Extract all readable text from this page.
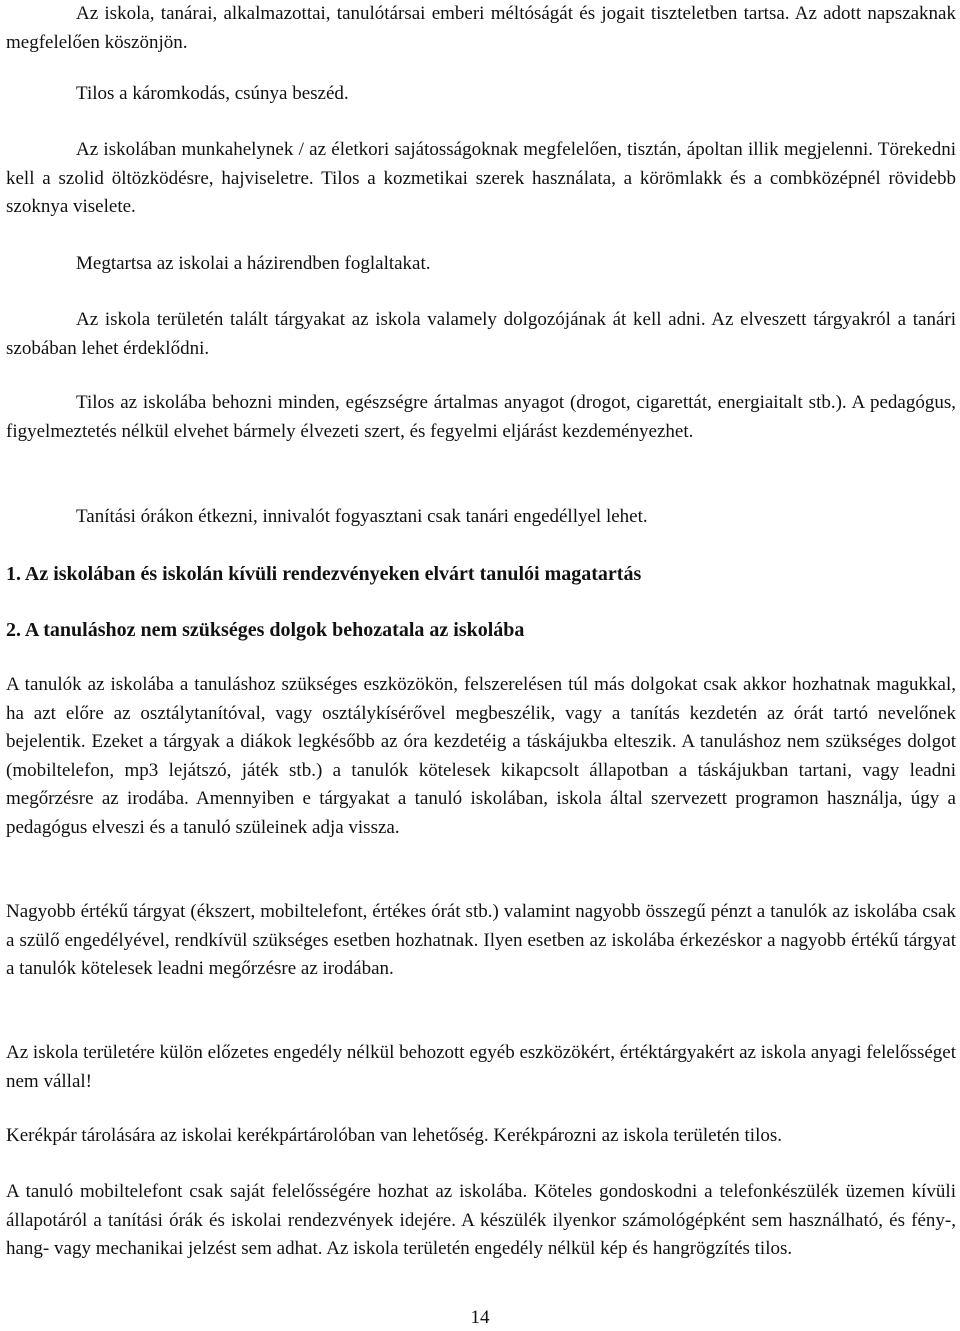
Az iskola, tanárai, alkalmazottai, tanulótársai emberi méltóságát és jogait tiszteletben tartsa. Az adott napszaknak megfelelően köszönjön.

Tilos a káromkodás, csúnya beszéd.

Az iskolában munkahelynek / az életkori sajátosságoknak megfelelően, tisztán, ápoltan illik megjelenni. Törekedni kell a szolid öltözködésre, hajviseletre. Tilos a kozmetikai szerek használata, a körömlakk és a combközépnél rövidebb szoknya viselete.

Megtartsa az iskolai a házirendben foglaltakat.

Az iskola területén talált tárgyakat az iskola valamely dolgozójának át kell adni. Az elveszett tárgyakról a tanári szobában lehet érdeklődni.

Tilos az iskolába behozni minden, egészségre ártalmas anyagot (drogot, cigarettát, energiaitalt stb.). A pedagógus, figyelmeztetés nélkül elvehet bármely élvezeti szert, és fegyelmi eljárást kezdeményezhet.

Tanítási órákon étkezni, innivalót fogyasztani csak tanári engedéllyel lehet.

1. Az iskolában és iskolán kívüli rendezvényeken elvárt tanulói magatartás
2. A tanuláshoz nem szükséges dolgok behozatala az iskolába

A tanulók az iskolába a tanuláshoz szükséges eszközökön, felszerelésen túl más dolgokat csak akkor hozhatnak magukkal, ha azt előre az osztálytanítóval, vagy osztálykísérővel megbeszélik, vagy a tanítás kezdetén az órát tartó nevelőnek bejelentik. Ezeket a tárgyak a diákok legkésőbb az óra kezdetéig a táskájukba elteszik. A tanuláshoz nem szükséges dolgot (mobiltelefon, mp3 lejátszó, játék stb.) a tanulók kötelesek kikapcsolt állapotban a táskájukban tartani, vagy leadni megőrzésre az irodába. Amennyiben e tárgyakat a tanuló iskolában, iskola által szervezett programon használja, úgy a pedagógus elveszi és a tanuló szüleinek adja vissza.

Nagyobb értékű tárgyat (ékszert, mobiltelefont, értékes órát stb.) valamint nagyobb összegű pénzt a tanulók az iskolába csak a szülő engedélyével, rendkívül szükséges esetben hozhatnak. Ilyen esetben az iskolába érkezéskor a nagyobb értékű tárgyat a tanulók kötelesek leadni megőrzésre az irodában.

Az iskola területére külön előzetes engedély nélkül behozott egyéb eszközökért, értéktárgyakért az iskola anyagi felelősséget nem vállal!

Kerékpár tárolására az iskolai kerékpártárolóban van lehetőség. Kerékpározni az iskola területén tilos.

A tanuló mobiltelefont csak saját felelősségére hozhat az iskolába. Köteles gondoskodni a telefonkészülék üzemen kívüli állapotáról a tanítási órák és iskolai rendezvények idejére. A készülék ilyenkor számológépként sem használható, és fény-, hang- vagy mechanikai jelzést sem adhat. Az iskola területén engedély nélkül kép és hangrögzítés tilos.

14
